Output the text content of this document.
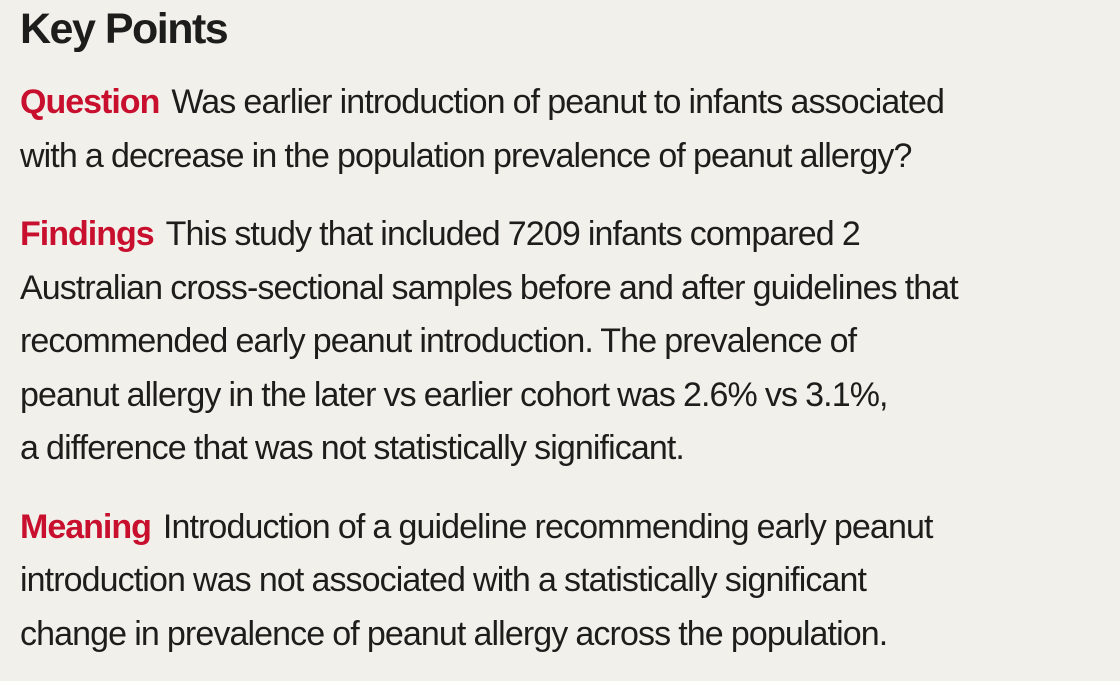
Key Points
Question Was earlier introduction of peanut to infants associated
with a decrease in the population prevalence of peanut allergy?
Findings This study that included 7209 infants compared 2
Australian cross-sectional samples before and after guidelines that
recommended early peanut introduction. The prevalence of
peanut allergy in the later vs earlier cohort was 2.6% vs 3.1%,
a difference that was not statistically significant.
Meaning Introduction of a guideline recommending early peanut
introduction was not associated with a statistically significant
change in prevalence of peanut allergy across the population.
